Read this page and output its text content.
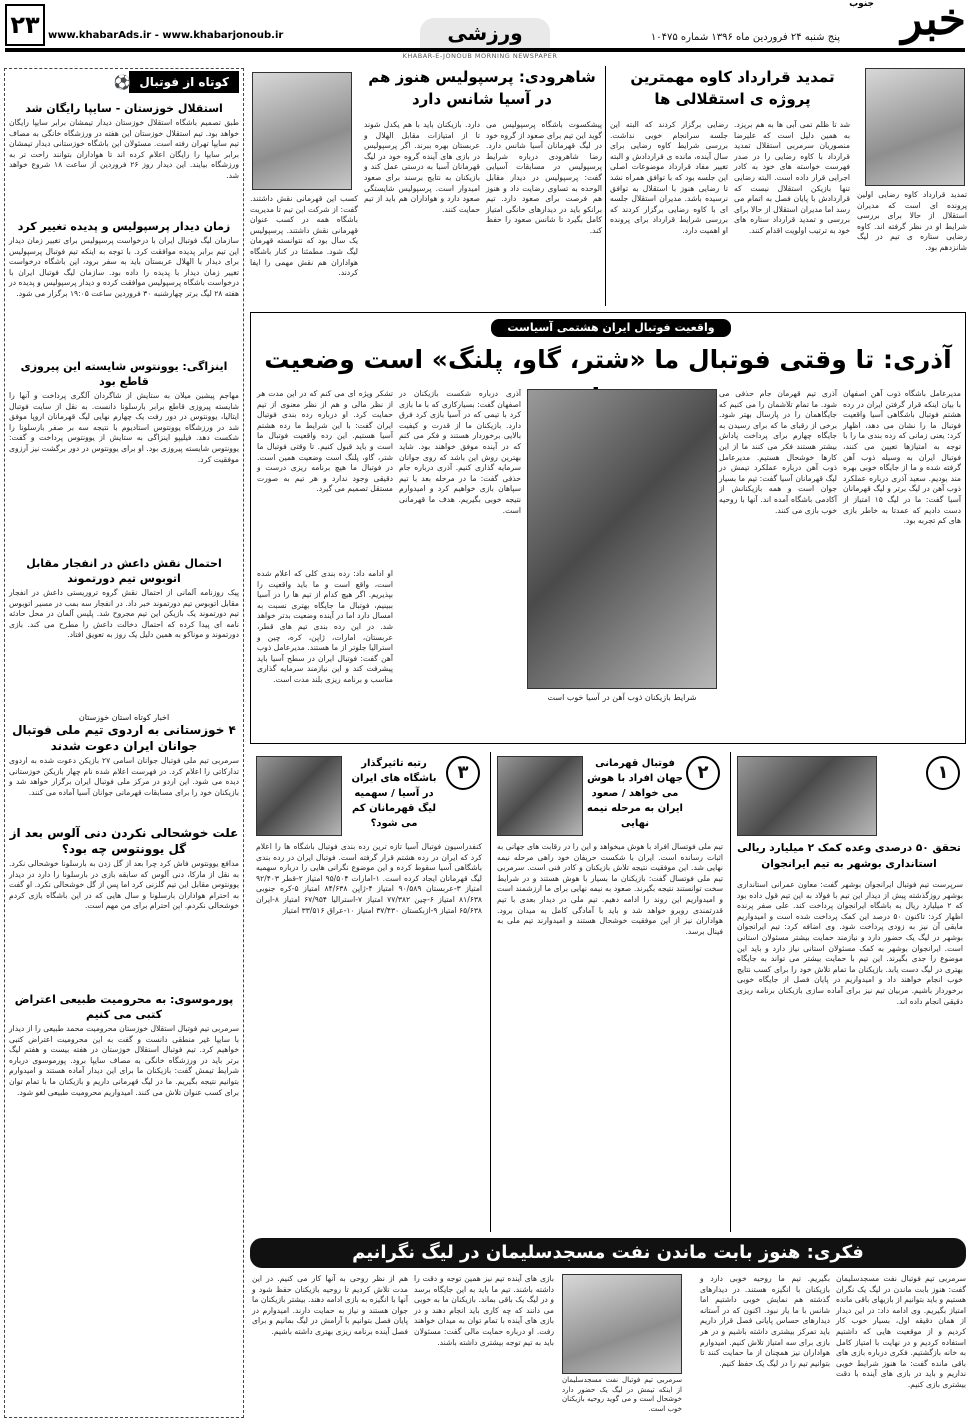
۲۳ www.khabarAds.ir - www.khabarjonoub.ir	ورزشی	پنج شنبه ۲۴ فروردین ماه ۱۳۹۶ شماره ۱۰۴۷۵ خبر
جنوب
KHABAR-E-JONOUB MORNING NEWSPAPER
تمدید قرارداد کاوه مهمترین پروژه ی استقلالی ها
تمدید قرارداد کاوه رضایی اولین پرونده ای است که مدیران استقلال از حالا برای بررسی شرایط او در نظر گرفته اند. کاوه رضایی ستاره ی تیم در لیگ شانزدهم بود.
شد تا ظلم تمی آبی ها به هم بریزد. به همین دلیل است که علیرضا منصوریان سرمربی استقلال تمدید قرارداد با کاوه رضایی را در صدر فهرست خواسته های خود به کادر اجرایی قرار داده است. البته رضایی تنها بازیکن استقلال نیست که قراردادش با پایان فصل به اتمام می رسد اما مدیران استقلال از حالا برای بررسی و تمدید قرارداد ستاره های خود به ترتیب اولویت اقدام کنند.
رضایی برگزار کردند که البته این جلسه سرانجام خوبی نداشت. بررسی شرایط کاوه رضایی برای سال آینده، مانده ی قراردادش و البته تغییر مفاد قرارداد موضوعات اصلی این جلسه بود که با توافق همراه نشد تا رضایی هنوز با استقلال به توافق نرسیده باشد. مدیران استقلال جلسه ای با کاوه رضایی برگزار کردند که بررسی شرایط قرارداد برای پرونده او اهمیت دارد.
شاهرودی: پرسپولیس هنوز هم در آسیا شانس دارد
پیشکسوت باشگاه پرسپولیس می گوید این تیم برای صعود از گروه خود در لیگ قهرمانان آسیا شانس دارد. رضا شاهرودی درباره شرایط پرسپولیس در مسابقات آسیایی گفت: پرسپولیس در دیدار مقابل الوحده به تساوی رضایت داد و هنوز هم فرصت برای صعود دارد. تیم برانکو باید در دیدارهای خانگی امتیاز کامل بگیرد تا شانس صعود را حفظ کند.
دارد. بازیکنان باید با هم یکدل شوند تا از امتیازات مقابل الهلال و عربستان بهره ببرند. اگر پرسپولیس در بازی های آینده گروه خود در لیگ قهرمانان آسیا به درستی عمل کند و بازیکنان به نتایج برسند برای صعود امیدوار است. پرسپولیس شایستگی صعود دارد و هواداران هم باید از تیم حمایت کنند.
کسب این قهرمانی نقش داشتند. گفت: از شرکت این تیم تا مدیریت باشگاه همه در کسب عنوان قهرمانی نقش داشتند. پرسپولیس یک سال بود که نتوانسته قهرمان لیگ شود. مطمئنا در کنار باشگاه هواداران هم نقش مهمی را ایفا کردند.
کوتاه از فوتبال
⚽
استقلال خوزستان - سایپا رایگان شد
طبق تصمیم باشگاه استقلال خوزستان دیدار تیمشان برابر سایپا رایگان خواهد بود. تیم استقلال خوزستان این هفته در ورزشگاه خانگی به مصاف تیم سایپا تهران رفته است. مسئولان این باشگاه خوزستانی دیدار تیمشان برابر سایپا را رایگان اعلام کرده اند تا هواداران بتوانند راحت تر به ورزشگاه بیایند. این دیدار روز ۲۶ فروردین از ساعت ۱۸ شروع خواهد شد.
زمان دیدار پرسپولیس و پدیده تغییر کرد
سازمان لیگ فوتبال ایران با درخواست پرسپولیس برای تغییر زمان دیدار این تیم برابر پدیده موافقت کرد. با توجه به اینکه تیم فوتبال پرسپولیس برای دیدار با الهلال عربستان باید به سفر برود، این باشگاه درخواست تغییر زمان دیدار با پدیده را داده بود. سازمان لیگ فوتبال ایران با درخواست باشگاه پرسپولیس موافقت کرده و دیدار پرسپولیس و پدیده در هفته ۲۸ لیگ برتر چهارشنبه ۳۰ فروردین ساعت ۱۹:۰۵ برگزار می شود.
اینزاگی: یوونتوس شایسته این پیروزی قاطع بود
مهاجم پیشین میلان به ستایش از شاگردان آلگری پرداخت و آنها را شایسته پیروزی قاطع برابر بارسلونا دانست. به نقل از سایت فوتبال ایتالیا، یوونتوس در دور رفت یک چهارم نهایی لیگ قهرمانان اروپا موفق شد در ورزشگاه یوونتوس استادیوم با نتیجه سه بر صفر بارسلونا را شکست دهد. فیلیپو اینزاگی به ستایش از یوونتوس پرداخت و گفت: یوونتوس شایسته پیروزی بود. او برای یوونتوس در دور برگشت نیز آرزوی موفقیت کرد.
احتمال نقش داعش در انفجار مقابل اتوبوس تیم دورتموند
پیک روزنامه آلمانی از احتمال نقش گروه تروریستی داعش در انفجار مقابل اتوبوس تیم دورتموند خبر داد. در انفجار سه بمب در مسیر اتوبوس تیم دورتموند یک بازیکن این تیم مجروح شد. پلیس آلمان در محل حادثه نامه ای پیدا کرده که احتمال دخالت داعش را مطرح می کند. بازی دورتموند و موناکو به همین دلیل یک روز به تعویق افتاد.
اخبار کوتاه استان خوزستان
۴ خوزستانی به اردوی تیم ملی فوتبال جوانان ایران دعوت شدند
سرمربی تیم ملی فوتبال جوانان اسامی ۲۷ بازیکن دعوت شده به اردوی تدارکاتی را اعلام کرد. در فهرست اعلام شده نام چهار بازیکن خوزستانی دیده می شود. این اردو در مرکز ملی فوتبال ایران برگزار خواهد شد و بازیکنان خود را برای مسابقات قهرمانی جوانان آسیا آماده می کنند.
علت خوشحالی نکردن دنی آلوس بعد از گل یوونتوس چه بود؟
مدافع یوونتوس فاش کرد چرا بعد از گل زدن به بارسلونا خوشحالی نکرد. به نقل از مارکا، دنی آلوس که سابقه بازی در بارسلونا را دارد در دیدار یوونتوس مقابل این تیم گلزنی کرد اما پس از گل خوشحالی نکرد. او گفت به احترام هواداران بارسلونا و سال هایی که در این باشگاه بازی کردم خوشحالی نکردم. این احترام برای من مهم است.
پورموسوی: به محرومیت طبیعی اعتراض کتبی می کنیم
سرمربی تیم فوتبال استقلال خوزستان محرومیت محمد طبیعی را از دیدار با سایپا غیر منطقی دانست و گفت به این محرومیت اعتراض کتبی خواهیم کرد. تیم فوتبال استقلال خوزستان در هفته بیست و هفتم لیگ برتر باید در ورزشگاه خانگی به مصاف سایپا برود. پورموسوی درباره شرایط تیمش گفت: بازیکنان ما برای این دیدار آماده هستند و امیدوارم بتوانیم نتیجه بگیریم. ما در لیگ قهرمانی داریم و بازیکنان ما با تمام توان برای کسب عنوان تلاش می کنند. امیدواریم محرومیت طبیعی لغو شود.
واقعیت فوتبال ایران هشتمی آسیاست
آذری: تا وقتی فوتبال ما «شتر، گاو، پلنگ» است وضعیت
مدیرعامل باشگاه ذوب آهن اصفهان با بیان اینکه قرار گرفتن ایران در رده هشتم فوتبال باشگاهی آسیا واقعیت فوتبال ما را نشان می دهد، اظهار کرد: یعنی زمانی که رده بندی ما را با توجه به امتیازها تعیین می کنند، فوتبال ایران به وسیله ذوب آهن گرفته شده و ما از جایگاه خوبی بهره مند بودیم. سعید آذری درباره عملکرد ذوب آهن در لیگ برتر و لیگ قهرمانان آسیا گفت: ما در لیگ ۱۵ امتیاز از دست دادیم که عمدتا به خاطر بازی های کم تجربه بود.
آذری تیم قهرمان جام حذفی می شود. ما تمام تلاشمان را می کنیم که جایگاهمان را در پارسال بهتر شود. برخی از رقبای ما که برای رسیدن به جایگاه چهارم برای پرداخت پاداش بیشتر هستند فکر می کنند ما از این کارها خوشحال هستیم. مدیرعامل ذوب آهن درباره عملکرد تیمش در لیگ قهرمانان آسیا گفت: تیم ما بسیار جوان است و همه بازیکنانش از آکادمی باشگاه آمده اند. آنها با روحیه خوب بازی می کنند.
شرایط بازیکنان ذوب آهن در آسیا خوب است
آذری درباره شکست بازیکنان در اصفهان گفت: بسیارکاری که با ما بازی کرد با تیمی که در آسیا بازی کرد فرق دارد. بازیکنان ما از قدرت و کیفیت بالایی برخوردار هستند و فکر می کنم که در آینده موفق خواهند بود. شاید بهترین روش این باشد که روی جوانان سرمایه گذاری کنیم. آذری درباره جام حذفی گفت: ما در مرحله بعد با تیم سپاهان بازی خواهیم کرد و امیدوارم نتیجه خوبی بگیریم. هدف ما قهرمانی است.
تشکر ویژه ای می کنم که در این مدت هر از نظر مالی و هم از نظر معنوی از تیم حمایت کرد. او درباره رده بندی فوتبال ایران گفت: با این شرایط ما رده هشتم آسیا هستیم. این رده واقعیت فوتبال ما است و باید قبول کنیم. تا وقتی فوتبال ما شتر، گاو، پلنگ است وضعیت همین است. در فوتبال ما هیچ برنامه ریزی درست و دقیقی وجود ندارد و هر تیم به صورت مستقل تصمیم می گیرد.
او ادامه داد: رده بندی کلی که اعلام شده است، واقع است و ما باید واقعیت را بپذیریم. اگر هیچ کدام از تیم ها را در آسیا ببینیم، فوتبال ما جایگاه بهتری نسبت به امسال دارد اما در آینده وضعیت بدتر خواهد شد. در این رده بندی تیم های قطر، عربستان، امارات، ژاپن، کره، چین و استرالیا جلوتر از ما هستند. مدیرعامل ذوب آهن گفت: فوتبال ایران در سطح آسیا باید پیشرفت کند و این نیازمند سرمایه گذاری مناسب و برنامه ریزی بلند مدت است.
۱
تحقق ۵۰ درصدی وعده کمک ۲ میلیارد ریالی استانداری بوشهر به تیم ایرانجوان
سرپرست تیم فوتبال ایرانجوان بوشهر گفت: معاون عمرانی استانداری بوشهر روزگذشته پیش از دیدار این تیم با فولاد به این تیم قول داده بود که ۲ میلیارد ریال به باشگاه ایرانجوان پرداخت کند. علی صفر پرنده اظهار کرد: تاکنون ۵۰ درصد این کمک پرداخت شده است و امیدواریم مابقی آن نیز به زودی پرداخت شود. وی اضافه کرد: تیم ایرانجوان بوشهر در لیگ یک حضور دارد و نیازمند حمایت بیشتر مسئولان استانی است. ایرانجوان بوشهر به کمک مسئولان استانی نیاز دارد و باید این موضوع را جدی بگیرند. این تیم با حمایت بیشتر می تواند به جایگاه بهتری در لیگ دست یابد. بازیکنان ما تمام تلاش خود را برای کسب نتایج خوب انجام خواهند داد و امیدواریم در پایان فصل از جایگاه خوبی برخوردار باشیم. مربیان تیم نیز برای آماده سازی بازیکنان برنامه ریزی دقیقی انجام داده اند.
۲
فوتبال قهرمانی جهان افراد با هوش می خواهد / صعود ایران به مرحله نیمه نهایی
تیم ملی فوتسال افراد با هوش میخواهد و این را در رقابت های جهانی به اثبات رسانده است. ایران با شکست حریفان خود راهی مرحله نیمه نهایی شد. این موفقیت نتیجه تلاش بازیکنان و کادر فنی است. سرمربی تیم ملی فوتسال گفت: بازیکنان ما بسیار با هوش هستند و در شرایط سخت توانستند نتیجه بگیرند. صعود به نیمه نهایی برای ما ارزشمند است و امیدواریم این روند را ادامه دهیم. تیم ملی در دیدار بعدی با تیم قدرتمندی روبرو خواهد شد و باید با آمادگی کامل به میدان برود. هواداران نیز از این موفقیت خوشحال هستند و امیدوارند تیم ملی به فینال برسد.
۳
رتبه تاثیرگذار باشگاه های ایران در آسیا / سهمیه لیگ قهرمانان کم می شود؟
کنفدراسیون فوتبال آسیا تازه ترین رده بندی فوتبال باشگاه ها را اعلام کرد که ایران در رده هشتم قرار گرفته است. فوتبال ایران در رده بندی باشگاهی آسیا سقوط کرده و این موضوع نگرانی هایی را درباره سهمیه لیگ قهرمانان ایجاد کرده است. ۱-امارات ۹۵/۵۰۴ امتیاز ۲-قطر ۹۲/۴۰۳ امتیاز ۳-عربستان ۹۰/۵۸۹ امتیاز ۴-ژاپن ۸۴/۶۳۸ امتیاز ۵-کره جنوبی ۸۱/۶۳۸ امتیاز ۶-چین ۷۷/۳۸۲ امتیاز ۷-استرالیا ۶۷/۹۵۴ امتیاز ۸-ایران ۶۵/۶۳۸ امتیاز ۹-ازبکستان ۳۷/۴۳۰ امتیاز ۱۰-عراق ۳۳/۵۱۶ امتیاز
فکری: هنوز بابت ماندن نفت مسجدسلیمان در لیگ نگرانیم
سرمربی تیم فوتبال نفت مسجدسلیمان گفت: هنوز بابت ماندن در لیگ یک نگران هستیم و باید بتوانیم از بازیهای باقی مانده امتیاز بگیریم. وی ادامه داد: در این دیدار از همان دقیقه اول، بسیار خوب کار کردیم و از موقعیت هایی که داشتیم استفاده کردیم و در نهایت با امتیاز کامل به خانه بازگشتیم. فکری درباره بازی های باقی مانده گفت: ما هنوز شرایط خوبی نداریم و باید در بازی های آینده با دقت بیشتری بازی کنیم.
بگیریم. تیم ما روحیه خوبی دارد و بازیکنان با انگیزه هستند. در دیدارهای گذشته هم نمایش خوبی داشتیم اما شانس با ما یار نبود. اکنون که در آستانه دیدارهای حساس پایانی فصل قرار داریم باید تمرکز بیشتری داشته باشیم و در هر بازی برای سه امتیاز تلاش کنیم. امیدوارم هواداران نیز همچنان از ما حمایت کنند تا بتوانیم تیم را در لیگ یک حفظ کنیم.
سرمربی تیم فوتبال نفت مسجدسلیمان از اینکه تیمش در لیگ یک حضور دارد خوشحال است و می گوید روحیه بازیکنان خوب است.
بازی های آینده تیم نیز همین توجه و دقت را داشته باشند. تیم ما باید به این جایگاه برسد و در لیگ یک باقی بماند. بازیکنان ما به خوبی می دانند که چه کاری باید انجام دهند و در بازی های آینده با تمام توان به میدان خواهند رفت. او درباره حمایت مالی گفت: مسئولان باید به تیم توجه بیشتری داشته باشند.
هم از نظر روحی به آنها کار می کنیم. در این مدت تلاش کردیم تا روحیه بازیکنان حفظ شود و آنها با انگیزه به بازی ادامه دهند. بیشتر بازیکنان ما جوان هستند و نیاز به حمایت دارند. امیدوارم در پایان فصل بتوانیم با آرامش در لیگ بمانیم و برای فصل آینده برنامه ریزی بهتری داشته باشیم.
